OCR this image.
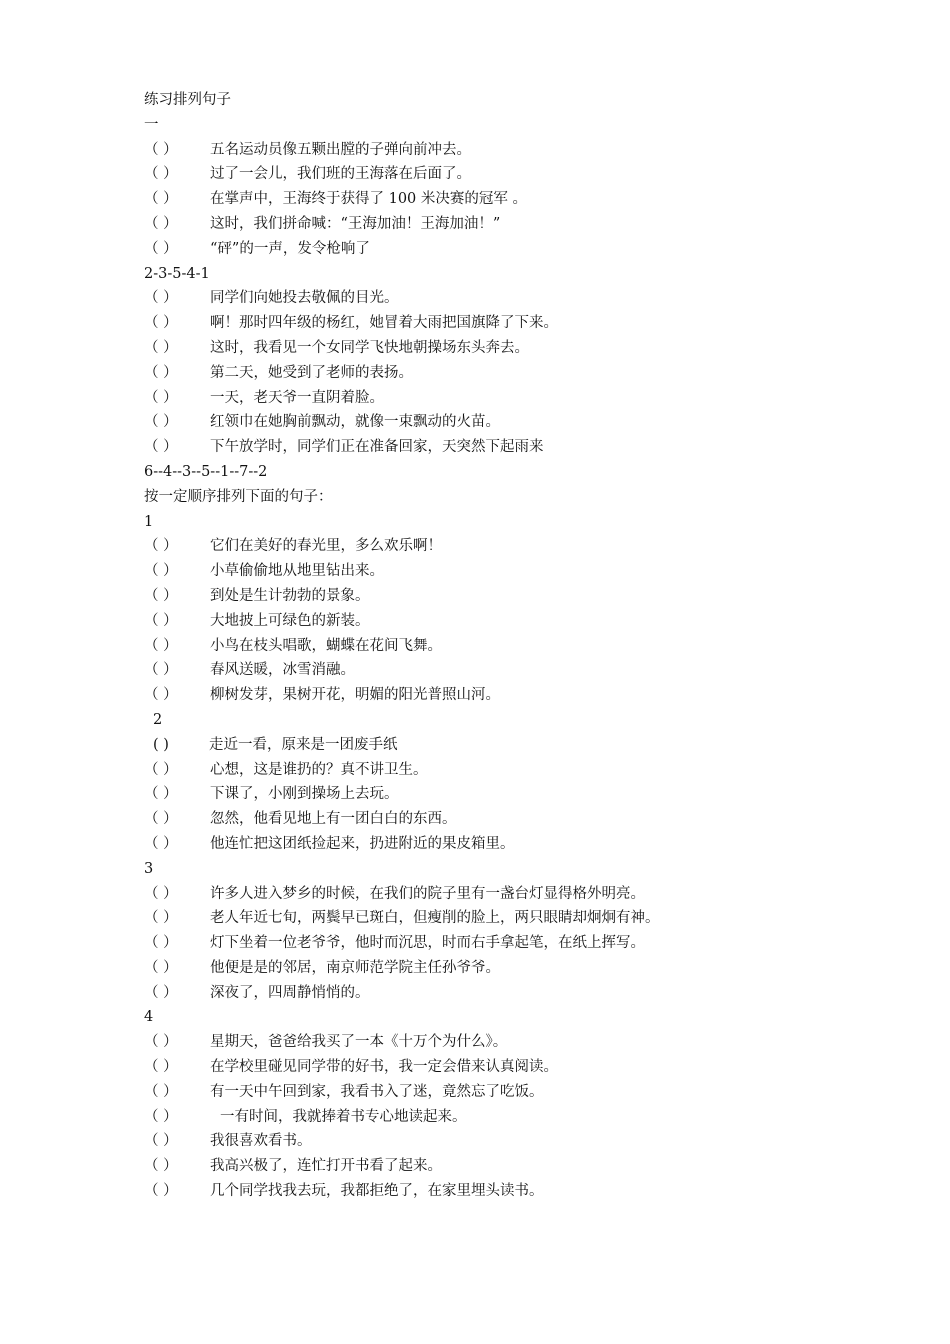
练习排列句子
一
（ ）	五名运动员像五颗出膛的子弹向前冲去。
（ ）	过了一会儿，我们班的王海落在后面了。
（ ）	在掌声中，王海终于获得了 100 米决赛的冠军 。
（ ）	这时，我们拼命喊：“王海加油！王海加油！”
（ ）	“砰”的一声，发令枪响了
2-3-5-4-1
（ ）	同学们向她投去敬佩的目光。
（ ）	啊！那时四年级的杨红，她冒着大雨把国旗降了下来。
（ ）	这时，我看见一个女同学飞快地朝操场东头奔去。
（ ）	第二天，她受到了老师的表扬。
（ ）	一天，老天爷一直阴着脸。
（ ）	红领巾在她胸前飘动，就像一束飘动的火苗。
（ ）	下午放学时，同学们正在准备回家，天突然下起雨来
6--4--3--5--1--7--2
按一定顺序排列下面的句子：
1
（ ）	它们在美好的春光里，多么欢乐啊！
（ ）	小草偷偷地从地里钻出来。
（ ）	到处是生计勃勃的景象。
（ ）	大地披上可绿色的新装。
（ ）	小鸟在枝头唱歌，蝴蝶在花间飞舞。
（ ）	春风送暖，冰雪消融。
（ ）	柳树发芽，果树开花，明媚的阳光普照山河。
2
( )	走近一看，原来是一团废手纸
（ ）	心想，这是谁扔的？真不讲卫生。
（ ）	下课了，小刚到操场上去玩。
（ ）	忽然，他看见地上有一团白白的东西。
（ ）	他连忙把这团纸捡起来，扔进附近的果皮箱里。
3
（ ）	许多人进入梦乡的时候，在我们的院子里有一盏台灯显得格外明亮。
（ ）	老人年近七旬，两鬓早已斑白，但瘦削的脸上，两只眼睛却炯炯有神。
（ ）	灯下坐着一位老爷爷，他时而沉思，时而右手拿起笔，在纸上挥写。
（ ）	他便是是的邻居，南京师范学院主任孙爷爷。
（ ）	深夜了，四周静悄悄的。
4
（ ）	星期天，爸爸给我买了一本《十万个为什么》。
（ ）	在学校里碰见同学带的好书，我一定会借来认真阅读。
（ ）	有一天中午回到家，我看书入了迷，竟然忘了吃饭。
（ ）	一有时间，我就捧着书专心地读起来。
（ ）	我很喜欢看书。
（ ）	我高兴极了，连忙打开书看了起来。
（ ）	几个同学找我去玩，我都拒绝了，在家里埋头读书。
